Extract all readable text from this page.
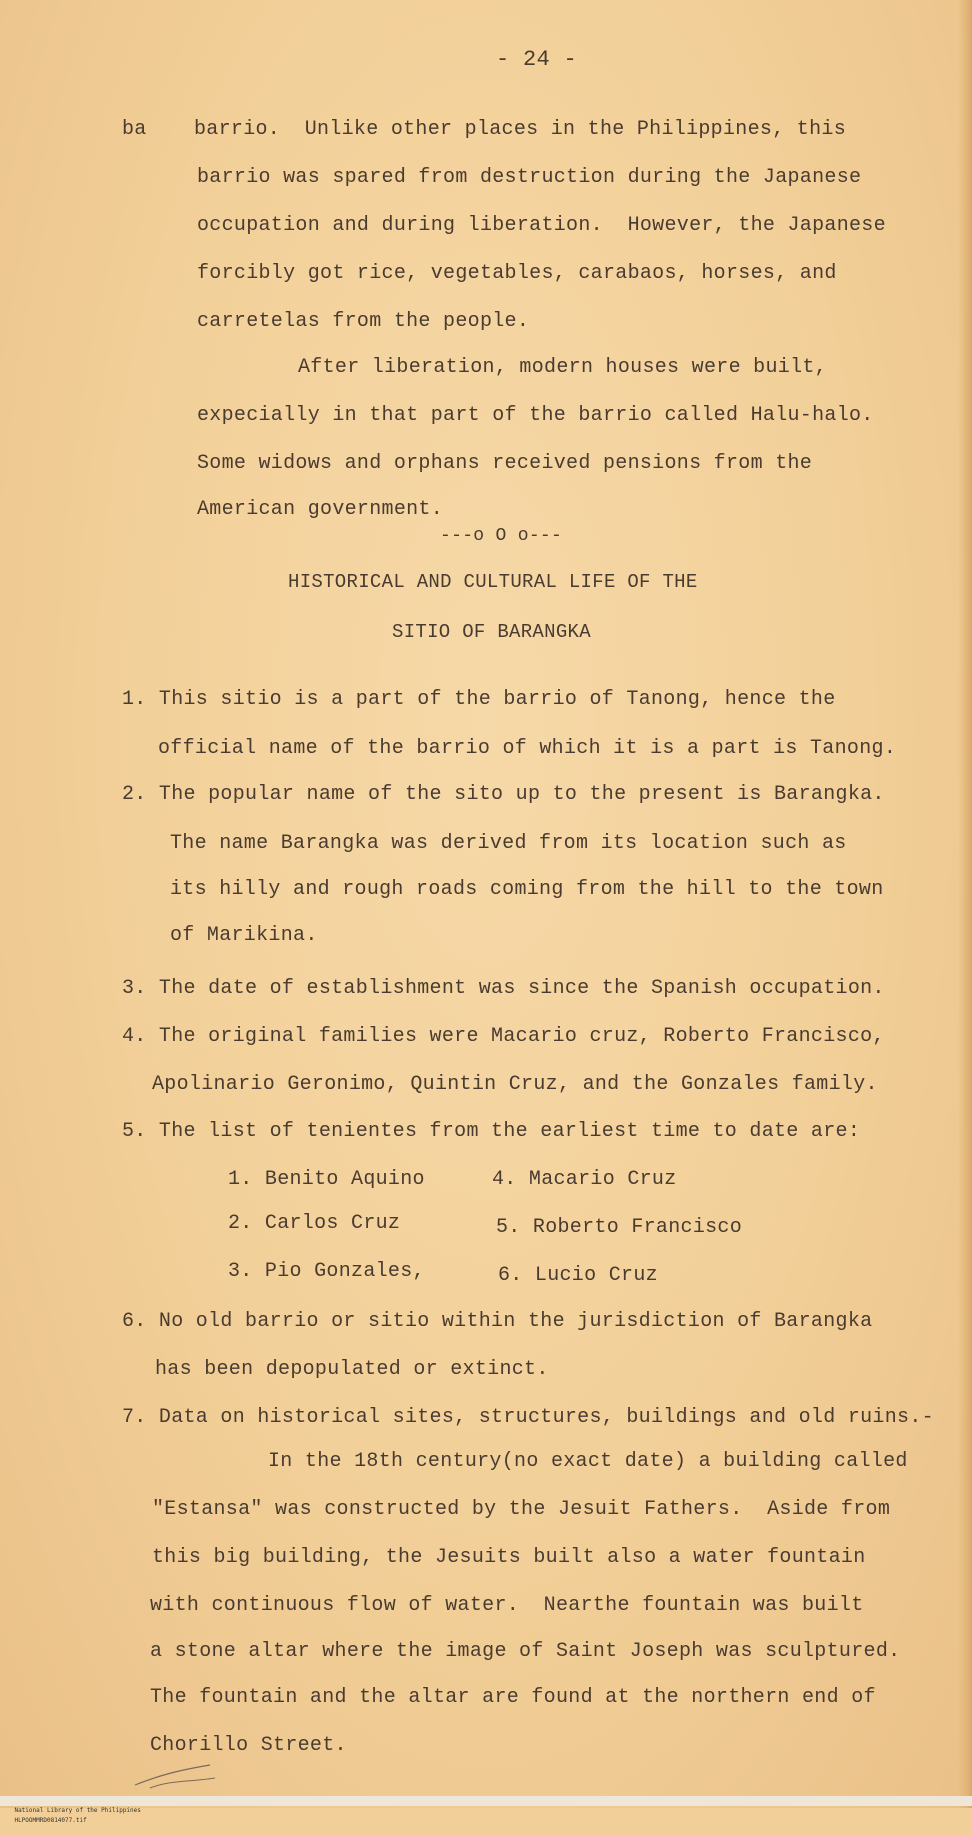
- 24 -
ba barrio.  Unlike other places in the Philippines, this
barrio was spared from destruction during the Japanese
occupation and during liberation.  However, the Japanese
forcibly got rice, vegetables, carabaos, horses, and
carretelas from the people.
After liberation, modern houses were built,
expecially in that part of the barrio called Halu-halo.
Some widows and orphans received pensions from the
American government.
---o O o---
HISTORICAL AND CULTURAL LIFE OF THE
SITIO OF BARANGKA
1. This sitio is a part of the barrio of Tanong, hence the
official name of the barrio of which it is a part is Tanong.
2. The popular name of the sito up to the present is Barangka.
The name Barangka was derived from its location such as
its hilly and rough roads coming from the hill to the town
of Marikina.
3. The date of establishment was since the Spanish occupation.
4. The original families were Macario cruz, Roberto Francisco,
Apolinario Geronimo, Quintin Cruz, and the Gonzales family.
5. The list of tenientes from the earliest time to date are:
1. Benito Aquino	4. Macario Cruz
2. Carlos Cruz	5. Roberto Francisco
3. Pio Gonzales,	6. Lucio Cruz
6. No old barrio or sitio within the jurisdiction of Barangka
has been depopulated or extinct.
7. Data on historical sites, structures, buildings and old ruins.-
In the 18th century(no exact date) a building called
"Estansa" was constructed by the Jesuit Fathers.  Aside from
this big building, the Jesuits built also a water fountain
with continuous flow of water.  Nearthe fountain was built
a stone altar where the image of Saint Joseph was sculptured.
The fountain and the altar are found at the northern end of
Chorillo Street.

National Library of the Philippines
HLPOOMMRD0814077.tif
